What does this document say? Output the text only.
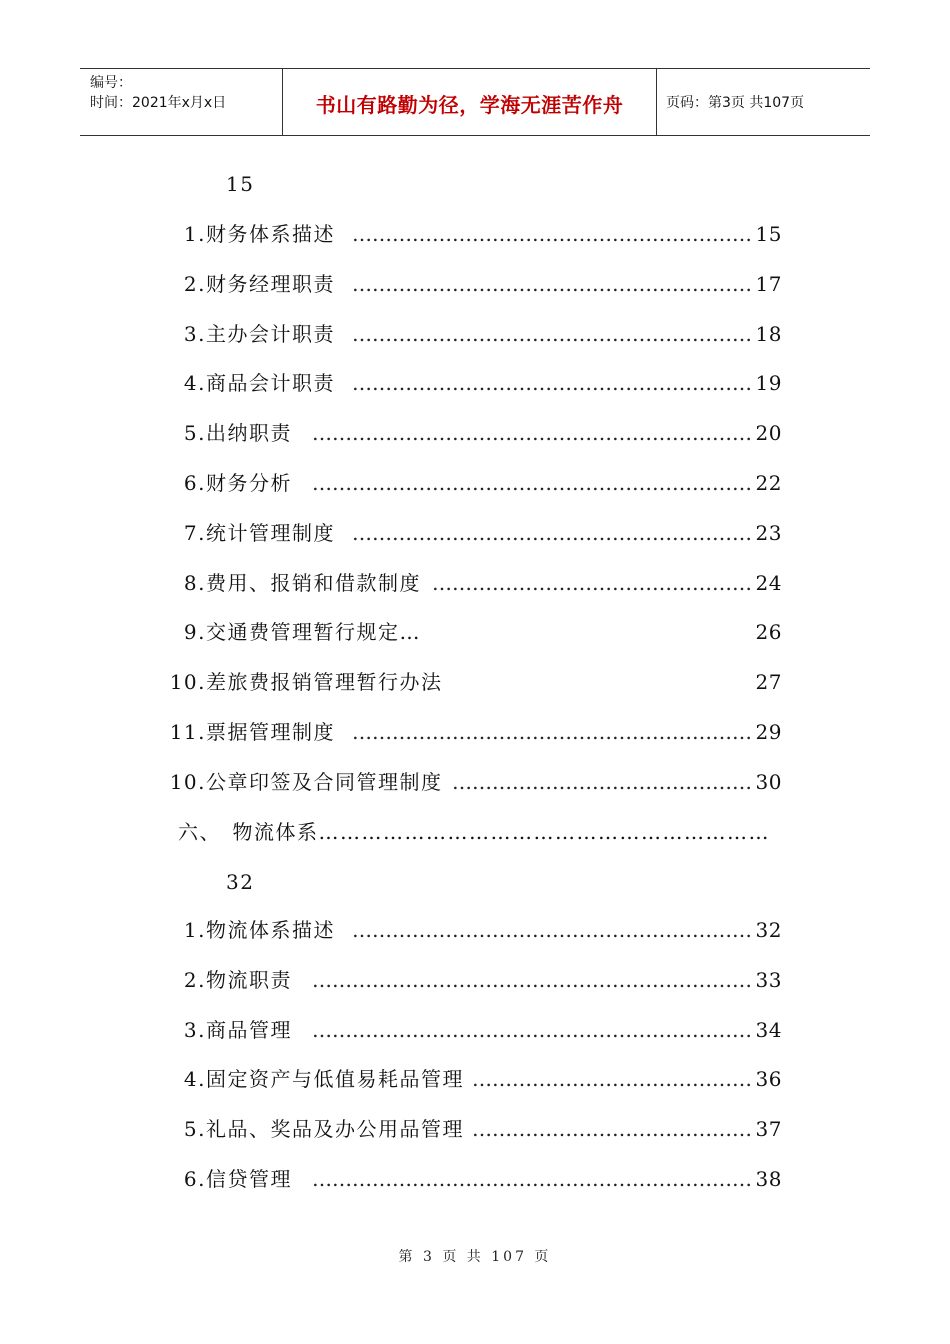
编号：
时间：2021年x月x日	书山有路勤为径，学海无涯苦作舟	页码：第3页 共107页
15
1.财务体系描述 …………………………………………………… 15
2.财务经理职责 …………………………………………………… 17
3.主办会计职责 …………………………………………………… 18
4.商品会计职责 …………………………………………………… 19
5.出纳职责	………………………………………………………… 20
6.财务分析	………………………………………………………… 22
7.统计管理制度 …………………………………………………… 23
8.费用、报销和借款制度 ………………………………………… 24
9.交通费管理暂行规定…	26
10.差旅费报销管理暂行办法	27
11.票据管理制度 …………………………………………………… 29
10.公章印签及合同管理制度 ……………………………………… 30
六、　物流体系………………………………………………………
32
1.物流体系描述 …………………………………………………… 32
2.物流职责	………………………………………………………… 33
3.商品管理	………………………………………………………… 34
4.固定资产与低值易耗品管理 …………………………………… 36
5.礼品、奖品及办公用品管理 …………………………………… 37
6.信贷管理	………………………………………………………… 38
第 3 页 共 107 页
